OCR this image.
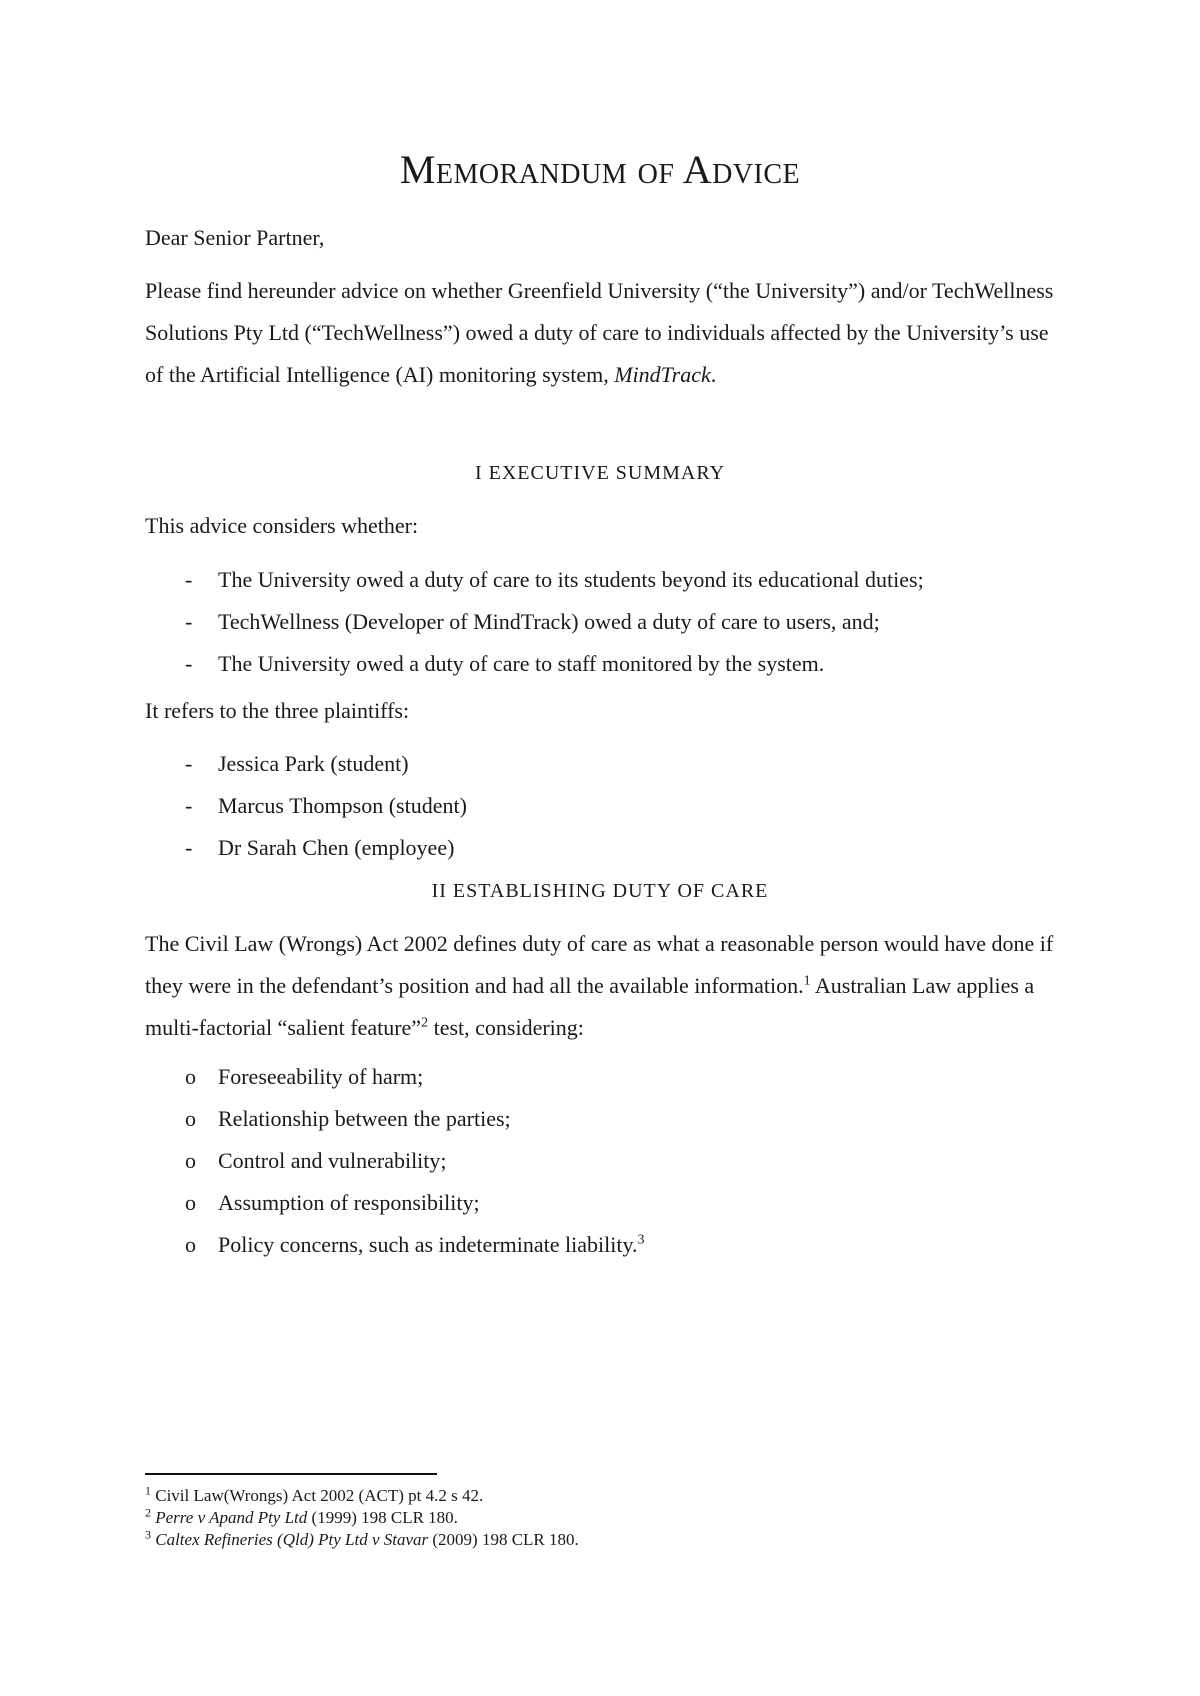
Memorandum of Advice
Dear Senior Partner,
Please find hereunder advice on whether Greenfield University (“the University”) and/or TechWellness Solutions Pty Ltd (“TechWellness”) owed a duty of care to individuals affected by the University’s use of the Artificial Intelligence (AI) monitoring system, MindTrack.
I EXECUTIVE SUMMARY
This advice considers whether:
-	The University owed a duty of care to its students beyond its educational duties;
-	TechWellness (Developer of MindTrack) owed a duty of care to users, and;
-	The University owed a duty of care to staff monitored by the system.
It refers to the three plaintiffs:
-	Jessica Park (student)
-	Marcus Thompson (student)
-	Dr Sarah Chen (employee)
II ESTABLISHING DUTY OF CARE
The Civil Law (Wrongs) Act 2002 defines duty of care as what a reasonable person would have done if they were in the defendant’s position and had all the available information.$^1$ Australian Law applies a multi-factorial “salient feature”$^2$ test, considering:
o	Foreseeability of harm;
o	Relationship between the parties;
o	Control and vulnerability;
o	Assumption of responsibility;
o	Policy concerns, such as indeterminate liability.$^3$
$^1$ Civil Law(Wrongs) Act 2002 (ACT) pt 4.2 s 42.
$^2$ Perre v Apand Pty Ltd (1999) 198 CLR 180.
$^3$ Caltex Refineries (Qld) Pty Ltd v Stavar (2009) 198 CLR 180.
